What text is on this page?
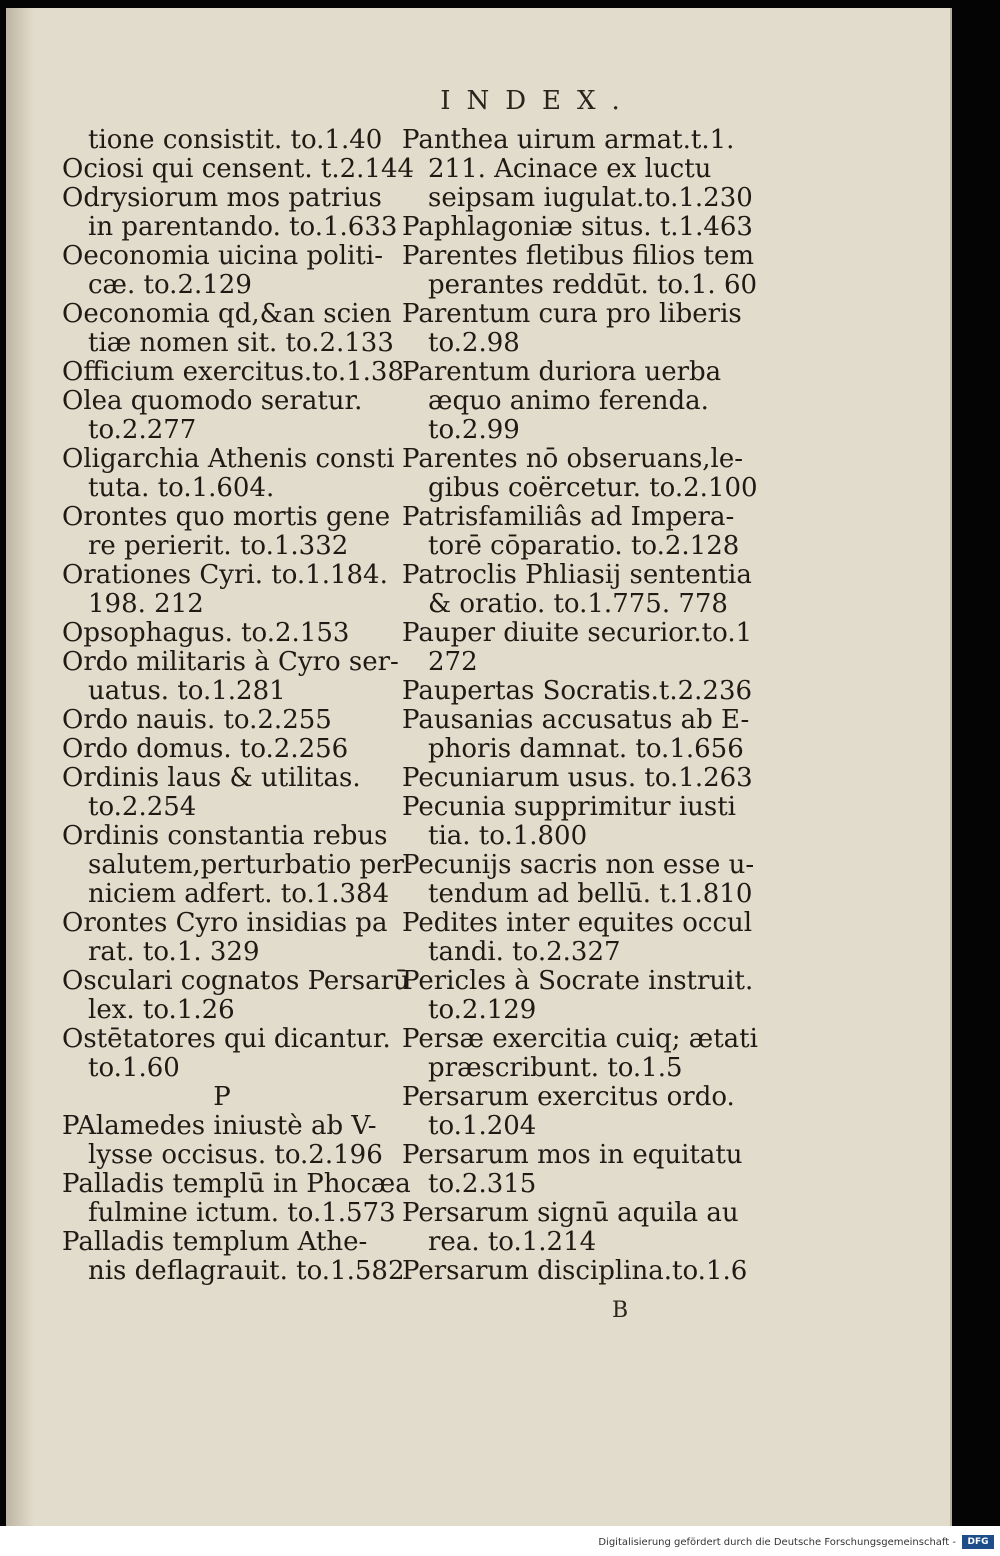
INDEX.
tione consistit. to.1.40
Ociosi qui censent. t.2.144
Odrysiorum mos patrius
in parentando. to.1.633
Oeconomia uicina politi-
cæ. to.2.129
Oeconomia qd,&an scien
tiæ nomen sit. to.2.133
Officium exercitus.to.1.38
Olea quomodo seratur.
to.2.277
Oligarchia Athenis consti
tuta. to.1.604.
Orontes quo mortis gene
re perierit. to.1.332
Orationes Cyri. to.1.184.
198. 212
Opsophagus. to.2.153
Ordo militaris à Cyro ser-
uatus. to.1.281
Ordo nauis. to.2.255
Ordo domus. to.2.256
Ordinis laus & utilitas.
to.2.254
Ordinis constantia rebus
salutem,perturbatio per
niciem adfert. to.1.384
Orontes Cyro insidias pa
rat. to.1. 329
Osculari cognatos Persarū
lex. to.1.26
Ostētatores qui dicantur.
to.1.60
P
PAlamedes iniustè ab V-
lysse occisus. to.2.196
Palladis templū in Phocæa
fulmine ictum. to.1.573
Palladis templum Athe-
nis deflagrauit. to.1.582
Panthea uirum armat.t.1.
211. Acinace ex luctu
seipsam iugulat.to.1.230
Paphlagoniæ situs. t.1.463
Parentes fletibus filios tem
perantes reddūt. to.1. 60
Parentum cura pro liberis
to.2.98
Parentum duriora uerba
æquo animo ferenda.
to.2.99
Parentes nō obseruans,le-
gibus coërcetur. to.2.100
Patrisfamiliâs ad Impera-
torē cōparatio. to.2.128
Patroclis Phliasij sententia
& oratio. to.1.775. 778
Pauper diuite securior.to.1
272
Paupertas Socratis.t.2.236
Pausanias accusatus ab E-
phoris damnat. to.1.656
Pecuniarum usus. to.1.263
Pecunia supprimitur iusti
tia. to.1.800
Pecunijs sacris non esse u-
tendum ad bellū. t.1.810
Pedites inter equites occul
tandi. to.2.327
Pericles à Socrate instruit.
to.2.129
Persæ exercitia cuiq; ætati
præscribunt. to.1.5
Persarum exercitus ordo.
to.1.204
Persarum mos in equitatu
to.2.315
Persarum signū aquila au
rea. to.1.214
Persarum disciplina.to.1.6
B
Digitalisierung gefördert durch die Deutsche Forschungsgemeinschaft -	DFG
